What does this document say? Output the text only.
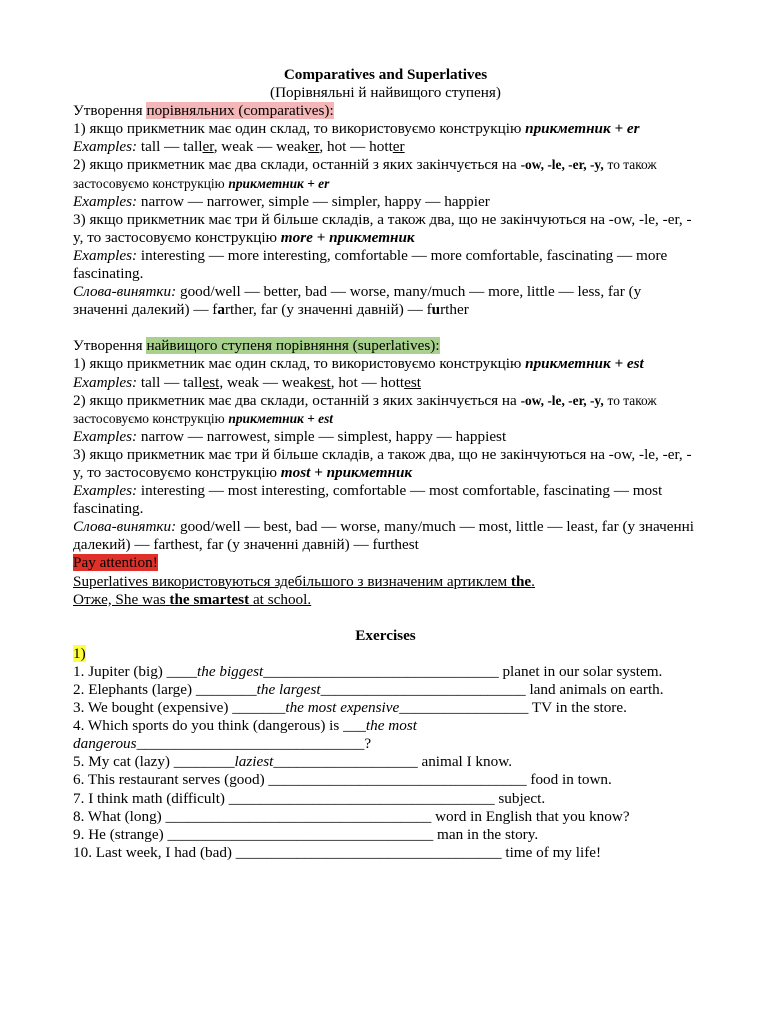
Comparatives and Superlatives
(Порівняльні й найвищого ступеня)
Утворення порівняльних (comparatives):
1) якщо прикметник має один склад, то використовуємо конструкцію прикметник + er
Examples: tall — taller, weak — weaker, hot — hotter
2) якщо прикметник має два склади, останній з яких закінчується на -ow, -le, -er, -y, то також застосовуємо конструкцію прикметник + er
Examples: narrow — narrower, simple — simpler, happy — happier
3) якщо прикметник має три й більше складів, а також два, що не закінчуються на -ow, -le, -er, -y, то застосовуємо конструкцію more + прикметник
Examples: interesting — more interesting, comfortable — more comfortable, fascinating — more fascinating.
Слова-винятки: good/well — better, bad — worse, many/much — more, little — less, far (у значенні далекий) — farther, far (у значенні давній) — further
Утворення найвищого ступеня порівняння (superlatives):
1) якщо прикметник має один склад, то використовуємо конструкцію прикметник + est
Examples: tall — tallest, weak — weakest, hot — hottest
2) якщо прикметник має два склади, останній з яких закінчується на -ow, -le, -er, -y, то також застосовуємо конструкцію прикметник + est
Examples: narrow — narrowest, simple — simplest, happy — happiest
3) якщо прикметник має три й більше складів, а також два, що не закінчуються на -ow, -le, -er, -y, то застосовуємо конструкцію most + прикметник
Examples: interesting — most interesting, comfortable — most comfortable, fascinating — most fascinating.
Слова-винятки: good/well — best, bad — worse, many/much — most, little — least, far (у значенні далекий) — farthest, far (у значенні давній) — furthest
Pay attention!
Superlatives використовуються здебільшого з визначеним артиклем the.
Отже, She was the smartest at school.
Exercises
1)
1. Jupiter (big) ____the biggest_______________________________ planet in our solar system.
2. Elephants (large) ________the largest___________________________ land animals on earth.
3. We bought (expensive) _______the most expensive_________________ TV in the store.
4. Which sports do you think (dangerous) is ___the most dangerous______________________________?
5. My cat (lazy) ________laziest___________________ animal I know.
6. This restaurant serves (good) __________________________________ food in town.
7. I think math (difficult) ___________________________________ subject.
8. What (long) ___________________________________ word in English that you know?
9. He (strange) ___________________________________ man in the story.
10. Last week, I had (bad) ___________________________________ time of my life!
